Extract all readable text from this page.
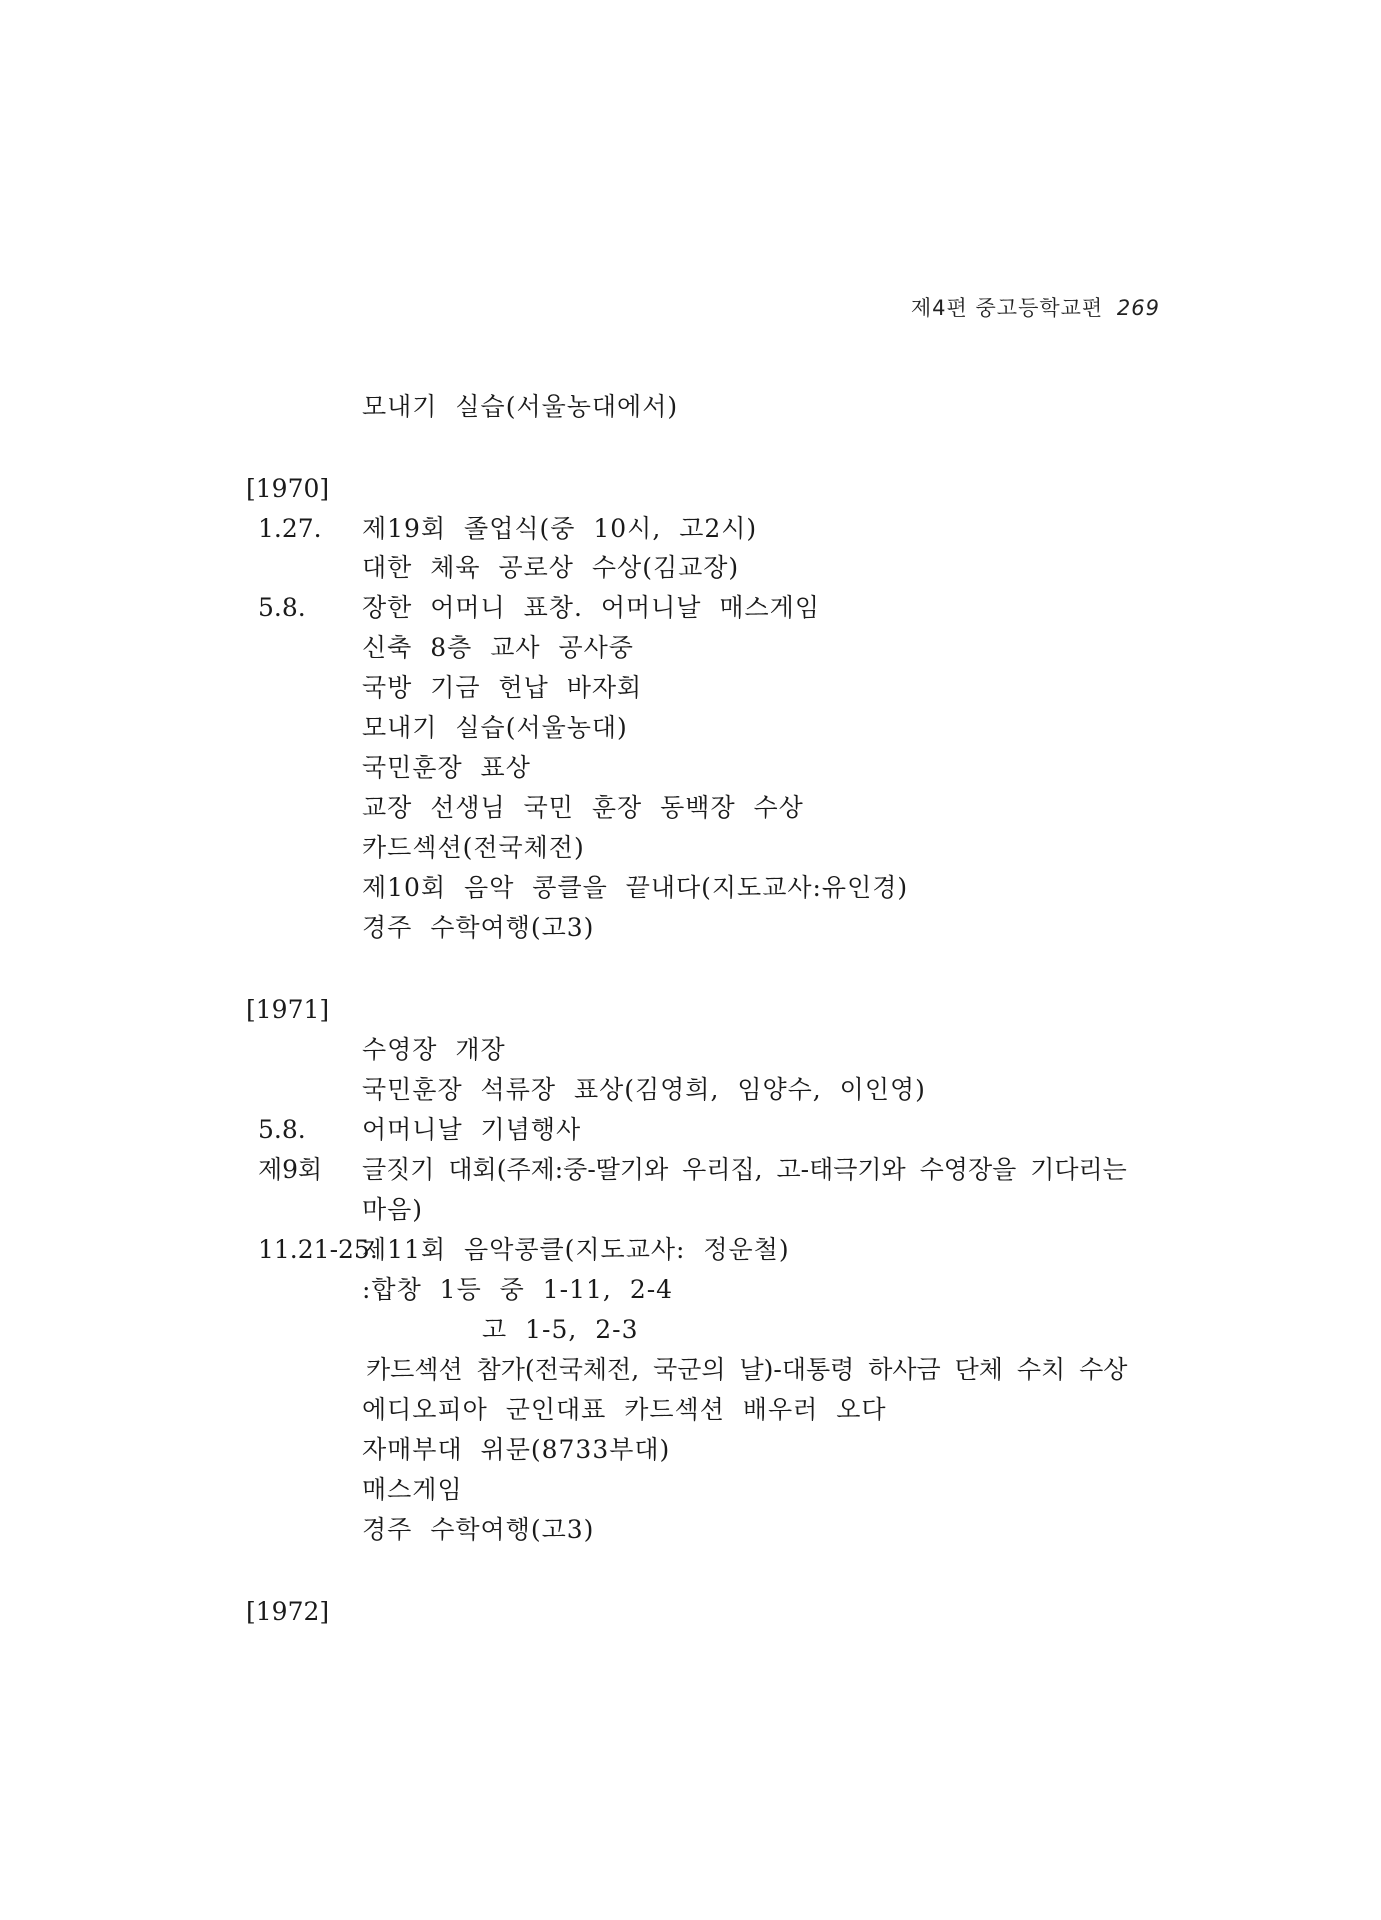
제4편 중고등학교편 269
모내기 실습(서울농대에서)
[1970]
1.27. 제19회 졸업식(중 10시, 고2시)
대한 체육 공로상 수상(김교장)
5.8. 장한 어머니 표창. 어머니날 매스게임
신축 8층 교사 공사중
국방 기금 헌납 바자회
모내기 실습(서울농대)
국민훈장 표상
교장 선생님 국민 훈장 동백장 수상
카드섹션(전국체전)
제10회 음악 콩클을 끝내다(지도교사:유인경)
경주 수학여행(고3)
[1971]
수영장 개장
국민훈장 석류장 표상(김영희, 임양수, 이인영)
5.8. 어머니날 기념행사
제9회 글짓기 대회(주제:중-딸기와 우리집, 고-태극기와 수영장을 기다리는
마음)
11.21-25.
제11회 음악콩클(지도교사: 정운철)
:합창 1등 중 1-11, 2-4
고 1-5, 2-3
카드섹션 참가(전국체전, 국군의 날)-대통령 하사금 단체 수치 수상
에디오피아 군인대표 카드섹션 배우러 오다
자매부대 위문(8733부대)
매스게임
경주 수학여행(고3)
[1972]
